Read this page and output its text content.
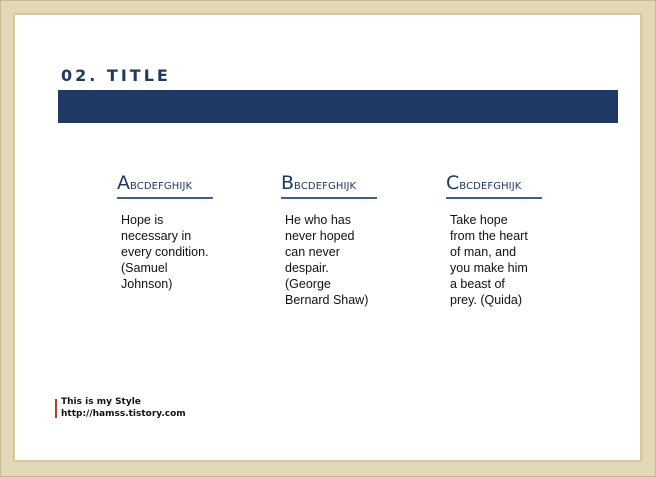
02. TITLE
ABCDEFGHIJK
Hope is
necessary in
every condition.
(Samuel
Johnson)
BBCDEFGHIJK
He who has
never hoped
can never
despair.
(George
Bernard Shaw)
CBCDEFGHIJK
Take hope
from the heart
of man, and
you make him
a beast of
prey. (Quida)
This is my Style
http://hamss.tistory.com
